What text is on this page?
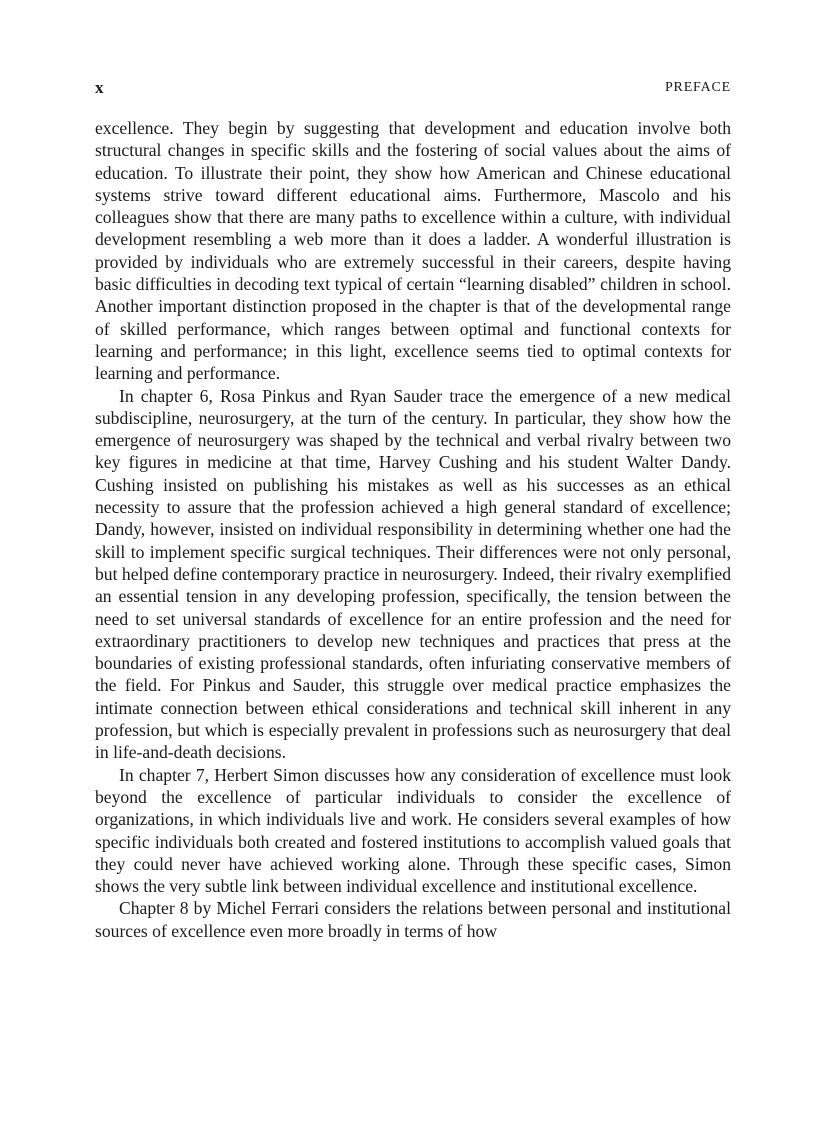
x	PREFACE

excellence. They begin by suggesting that development and education involve both structural changes in specific skills and the fostering of social values about the aims of education. To illustrate their point, they show how American and Chinese educational systems strive toward different educational aims. Furthermore, Mascolo and his colleagues show that there are many paths to excellence within a culture, with individual development resembling a web more than it does a ladder. A wonderful illustration is provided by individuals who are extremely successful in their careers, despite having basic difficulties in decoding text typical of certain “learning disabled” children in school. Another important distinction proposed in the chapter is that of the developmental range of skilled performance, which ranges between optimal and functional contexts for learning and performance; in this light, excellence seems tied to optimal contexts for learning and performance.

In chapter 6, Rosa Pinkus and Ryan Sauder trace the emergence of a new medical subdiscipline, neurosurgery, at the turn of the century. In particular, they show how the emergence of neurosurgery was shaped by the technical and verbal rivalry between two key figures in medicine at that time, Harvey Cushing and his student Walter Dandy. Cushing insisted on publishing his mistakes as well as his successes as an ethical necessity to assure that the profession achieved a high general standard of excellence; Dandy, however, insisted on individual responsibility in determining whether one had the skill to implement specific surgical techniques. Their differences were not only personal, but helped define contemporary practice in neurosurgery. Indeed, their rivalry exemplified an essential tension in any developing profession, specifically, the tension between the need to set universal standards of excellence for an entire profession and the need for extraordinary practitioners to develop new techniques and practices that press at the boundaries of existing professional standards, often infuriating conservative members of the field. For Pinkus and Sauder, this struggle over medical practice emphasizes the intimate connection between ethical considerations and technical skill inherent in any profession, but which is especially prevalent in professions such as neurosurgery that deal in life-and-death decisions.

In chapter 7, Herbert Simon discusses how any consideration of excellence must look beyond the excellence of particular individuals to consider the excellence of organizations, in which individuals live and work. He considers several examples of how specific individuals both created and fostered institutions to accomplish valued goals that they could never have achieved working alone. Through these specific cases, Simon shows the very subtle link between individual excellence and institutional excellence.

Chapter 8 by Michel Ferrari considers the relations between personal and institutional sources of excellence even more broadly in terms of how
